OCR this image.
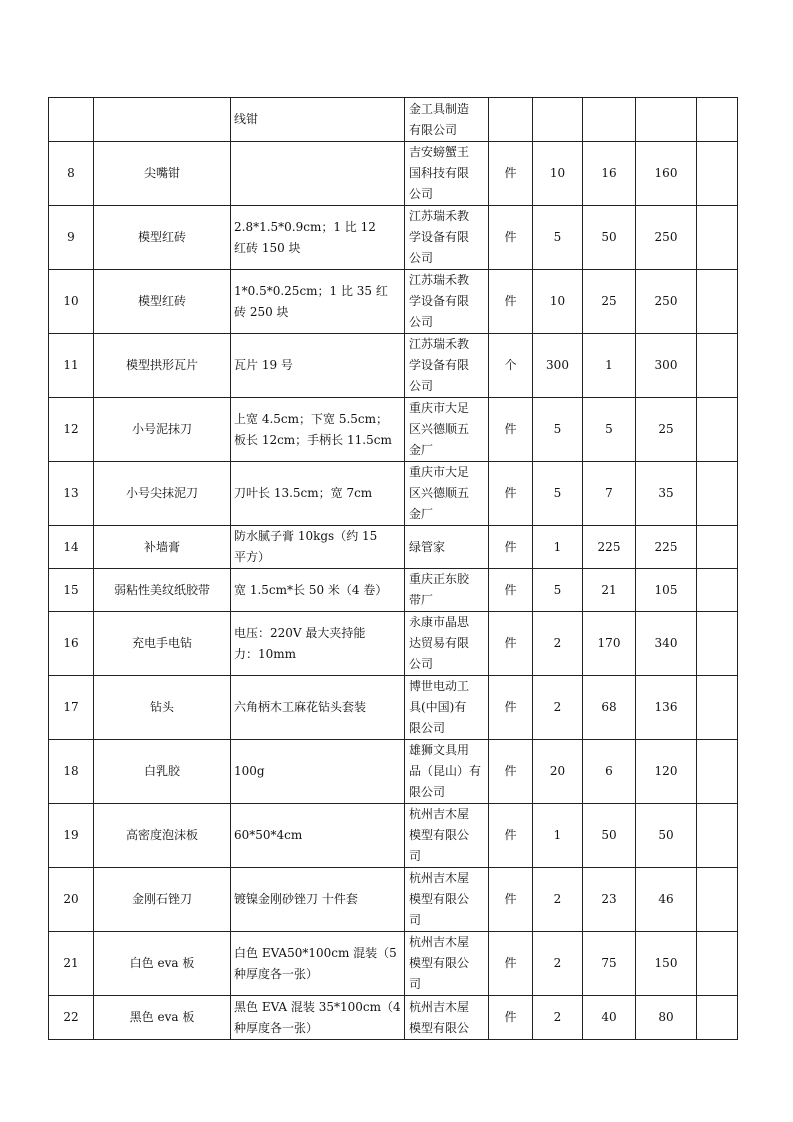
		线钳	金工具制造
有限公司					
8	尖嘴钳		吉安螃蟹王
国科技有限
公司	件	10	16	160	
9	模型红砖	2.8*1.5*0.9cm；1 比 12
红砖 150 块	江苏瑞禾教
学设备有限
公司	件	5	50	250	
10	模型红砖	1*0.5*0.25cm；1 比 35 红
砖 250 块	江苏瑞禾教
学设备有限
公司	件	10	25	250	
11	模型拱形瓦片	瓦片 19 号	江苏瑞禾教
学设备有限
公司	个	300	1	300	
12	小号泥抹刀	上宽 4.5cm；下宽 5.5cm；
板长 12cm；手柄长 11.5cm	重庆市大足
区兴德顺五
金厂	件	5	5	25	
13	小号尖抹泥刀	刀叶长 13.5cm；宽 7cm	重庆市大足
区兴德顺五
金厂	件	5	7	35	
14	补墙膏	防水腻子膏 10kgs（约 15
平方）	绿管家	件	1	225	225	
15	弱粘性美纹纸胶带	宽 1.5cm*长 50 米（4 卷）	重庆正东胶
带厂	件	5	21	105	
16	充电手电钻	电压：220V 最大夹持能
力：10mm	永康市晶思
达贸易有限
公司	件	2	170	340	
17	钻头	六角柄木工麻花钻头套装	博世电动工
具(中国)有
限公司	件	2	68	136	
18	白乳胶	100g	雄狮文具用
品（昆山）有
限公司	件	20	6	120	
19	高密度泡沫板	60*50*4cm	杭州吉木屋
模型有限公
司	件	1	50	50	
20	金刚石锉刀	镀镍金刚砂锉刀 十件套	杭州吉木屋
模型有限公
司	件	2	23	46	
21	白色 eva 板	白色 EVA50*100cm 混装（5
种厚度各一张）	杭州吉木屋
模型有限公
司	件	2	75	150	
22	黑色 eva 板	黑色 EVA 混装 35*100cm（4
种厚度各一张）	杭州吉木屋
模型有限公	件	2	40	80	
